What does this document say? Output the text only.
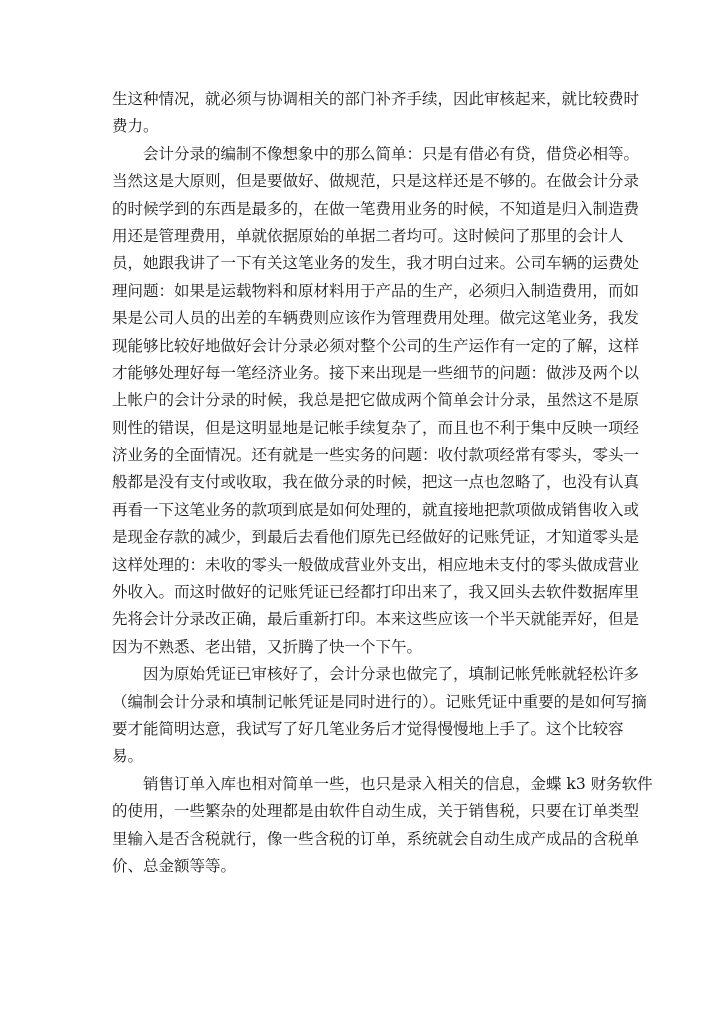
生这种情况，就必须与协调相关的部门补齐手续，因此审核起来，就比较费时
费力。
会计分录的编制不像想象中的那么简单：只是有借必有贷，借贷必相等。
当然这是大原则，但是要做好、做规范，只是这样还是不够的。在做会计分录
的时候学到的东西是最多的，在做一笔费用业务的时候，不知道是归入制造费
用还是管理费用，单就依据原始的单据二者均可。这时候问了那里的会计人
员，她跟我讲了一下有关这笔业务的发生，我才明白过来。公司车辆的运费处
理问题：如果是运载物料和原材料用于产品的生产，必须归入制造费用，而如
果是公司人员的出差的车辆费则应该作为管理费用处理。做完这笔业务，我发
现能够比较好地做好会计分录必须对整个公司的生产运作有一定的了解，这样
才能够处理好每一笔经济业务。接下来出现是一些细节的问题：做涉及两个以
上帐户的会计分录的时候，我总是把它做成两个简单会计分录，虽然这不是原
则性的错误，但是这明显地是记帐手续复杂了，而且也不利于集中反映一项经
济业务的全面情况。还有就是一些实务的问题：收付款项经常有零头，零头一
般都是没有支付或收取，我在做分录的时候，把这一点也忽略了，也没有认真
再看一下这笔业务的款项到底是如何处理的，就直接地把款项做成销售收入或
是现金存款的减少，到最后去看他们原先已经做好的记账凭证，才知道零头是
这样处理的：未收的零头一般做成营业外支出，相应地未支付的零头做成营业
外收入。而这时做好的记账凭证已经都打印出来了，我又回头去软件数据库里
先将会计分录改正确，最后重新打印。本来这些应该一个半天就能弄好，但是
因为不熟悉、老出错，又折腾了快一个下午。
因为原始凭证已审核好了，会计分录也做完了，填制记帐凭帐就轻松许多
（编制会计分录和填制记帐凭证是同时进行的）。记账凭证中重要的是如何写摘
要才能简明达意，我试写了好几笔业务后才觉得慢慢地上手了。这个比较容
易。
销售订单入库也相对简单一些，也只是录入相关的信息，金蝶 k3 财务软件
的使用，一些繁杂的处理都是由软件自动生成，关于销售税，只要在订单类型
里输入是否含税就行，像一些含税的订单，系统就会自动生成产成品的含税单
价、总金额等等。
